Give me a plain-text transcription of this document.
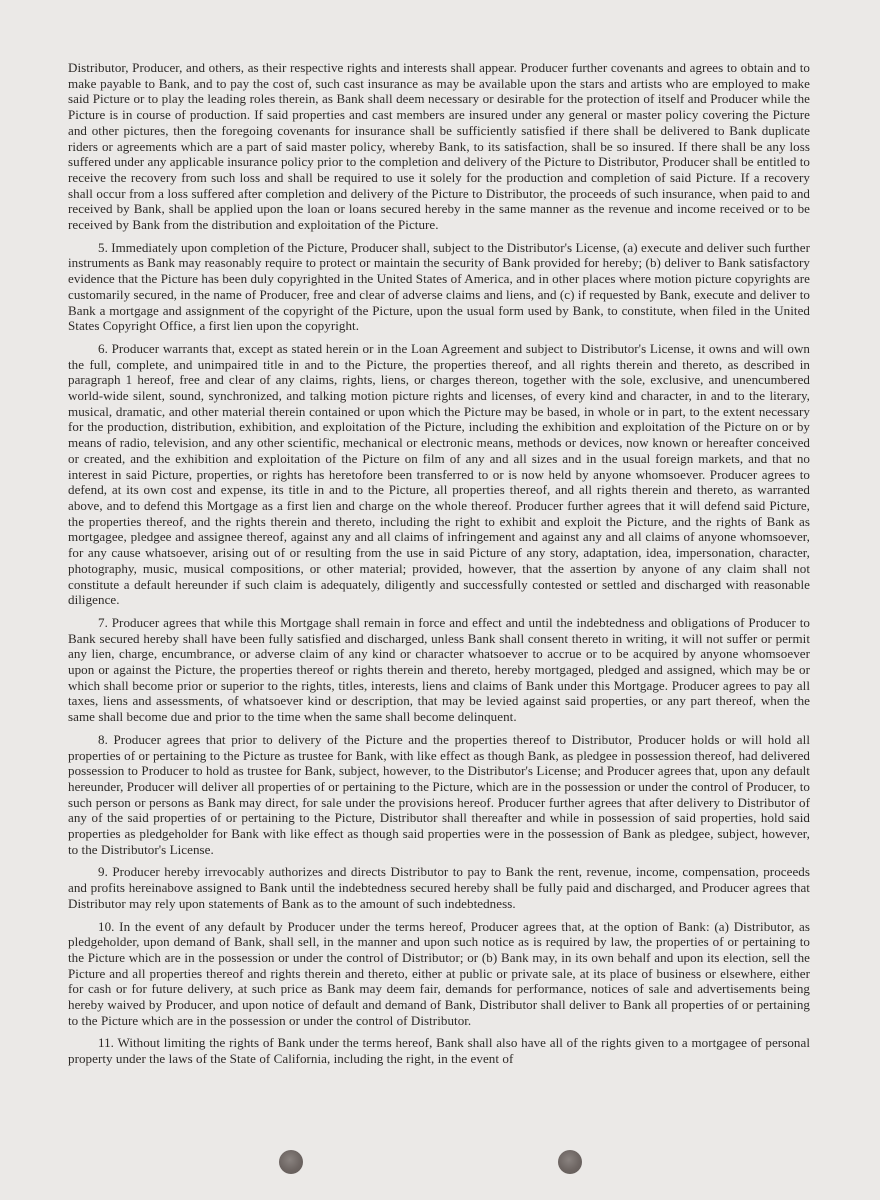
Distributor, Producer, and others, as their respective rights and interests shall appear. Producer further covenants and agrees to obtain and to make payable to Bank, and to pay the cost of, such cast insurance as may be available upon the stars and artists who are employed to make said Picture or to play the leading roles therein, as Bank shall deem necessary or desirable for the protection of itself and Producer while the Picture is in course of production. If said properties and cast members are insured under any general or master policy covering the Picture and other pictures, then the foregoing covenants for insurance shall be sufficiently satisfied if there shall be delivered to Bank duplicate riders or agreements which are a part of said master policy, whereby Bank, to its satisfaction, shall be so insured. If there shall be any loss suffered under any applicable insurance policy prior to the completion and delivery of the Picture to Distributor, Producer shall be entitled to receive the recovery from such loss and shall be required to use it solely for the production and completion of said Picture. If a recovery shall occur from a loss suffered after completion and delivery of the Picture to Distributor, the proceeds of such insurance, when paid to and received by Bank, shall be applied upon the loan or loans secured hereby in the same manner as the revenue and income received or to be received by Bank from the distribution and exploitation of the Picture.

5. Immediately upon completion of the Picture, Producer shall, subject to the Distributor's License, (a) execute and deliver such further instruments as Bank may reasonably require to protect or maintain the security of Bank provided for hereby; (b) deliver to Bank satisfactory evidence that the Picture has been duly copyrighted in the United States of America, and in other places where motion picture copyrights are customarily secured, in the name of Producer, free and clear of adverse claims and liens, and (c) if requested by Bank, execute and deliver to Bank a mortgage and assignment of the copyright of the Picture, upon the usual form used by Bank, to constitute, when filed in the United States Copyright Office, a first lien upon the copyright.

6. Producer warrants that, except as stated herein or in the Loan Agreement and subject to Distributor's License, it owns and will own the full, complete, and unimpaired title in and to the Picture, the properties thereof, and all rights therein and thereto, as described in paragraph 1 hereof, free and clear of any claims, rights, liens, or charges thereon, together with the sole, exclusive, and unencumbered world-wide silent, sound, synchronized, and talking motion picture rights and licenses, of every kind and character, in and to the literary, musical, dramatic, and other material therein contained or upon which the Picture may be based, in whole or in part, to the extent necessary for the production, distribution, exhibition, and exploitation of the Picture, including the exhibition and exploitation of the Picture on or by means of radio, television, and any other scientific, mechanical or electronic means, methods or devices, now known or hereafter conceived or created, and the exhibition and exploitation of the Picture on film of any and all sizes and in the usual foreign markets, and that no interest in said Picture, properties, or rights has heretofore been transferred to or is now held by anyone whomsoever. Producer agrees to defend, at its own cost and expense, its title in and to the Picture, all properties thereof, and all rights therein and thereto, as warranted above, and to defend this Mortgage as a first lien and charge on the whole thereof. Producer further agrees that it will defend said Picture, the properties thereof, and the rights therein and thereto, including the right to exhibit and exploit the Picture, and the rights of Bank as mortgagee, pledgee and assignee thereof, against any and all claims of infringement and against any and all claims of anyone whomsoever, for any cause whatsoever, arising out of or resulting from the use in said Picture of any story, adaptation, idea, impersonation, character, photography, music, musical compositions, or other material; provided, however, that the assertion by anyone of any claim shall not constitute a default hereunder if such claim is adequately, diligently and successfully contested or settled and discharged with reasonable diligence.

7. Producer agrees that while this Mortgage shall remain in force and effect and until the indebtedness and obligations of Producer to Bank secured hereby shall have been fully satisfied and discharged, unless Bank shall consent thereto in writing, it will not suffer or permit any lien, charge, encumbrance, or adverse claim of any kind or character whatsoever to accrue or to be acquired by anyone whomsoever upon or against the Picture, the properties thereof or rights therein and thereto, hereby mortgaged, pledged and assigned, which may be or which shall become prior or superior to the rights, titles, interests, liens and claims of Bank under this Mortgage. Producer agrees to pay all taxes, liens and assessments, of whatsoever kind or description, that may be levied against said properties, or any part thereof, when the same shall become due and prior to the time when the same shall become delinquent.

8. Producer agrees that prior to delivery of the Picture and the properties thereof to Distributor, Producer holds or will hold all properties of or pertaining to the Picture as trustee for Bank, with like effect as though Bank, as pledgee in possession thereof, had delivered possession to Producer to hold as trustee for Bank, subject, however, to the Distributor's License; and Producer agrees that, upon any default hereunder, Producer will deliver all properties of or pertaining to the Picture, which are in the possession or under the control of Producer, to such person or persons as Bank may direct, for sale under the provisions hereof. Producer further agrees that after delivery to Distributor of any of the said properties of or pertaining to the Picture, Distributor shall thereafter and while in possession of said properties, hold said properties as pledgeholder for Bank with like effect as though said properties were in the possession of Bank as pledgee, subject, however, to the Distributor's License.

9. Producer hereby irrevocably authorizes and directs Distributor to pay to Bank the rent, revenue, income, compensation, proceeds and profits hereinabove assigned to Bank until the indebtedness secured hereby shall be fully paid and discharged, and Producer agrees that Distributor may rely upon statements of Bank as to the amount of such indebtedness.

10. In the event of any default by Producer under the terms hereof, Producer agrees that, at the option of Bank: (a) Distributor, as pledgeholder, upon demand of Bank, shall sell, in the manner and upon such notice as is required by law, the properties of or pertaining to the Picture which are in the possession or under the control of Distributor; or (b) Bank may, in its own behalf and upon its election, sell the Picture and all properties thereof and rights therein and thereto, either at public or private sale, at its place of business or elsewhere, either for cash or for future delivery, at such price as Bank may deem fair, demands for performance, notices of sale and advertisements being hereby waived by Producer, and upon notice of default and demand of Bank, Distributor shall deliver to Bank all properties of or pertaining to the Picture which are in the possession or under the control of Distributor.

11. Without limiting the rights of Bank under the terms hereof, Bank shall also have all of the rights given to a mortgagee of personal property under the laws of the State of California, including the right, in the event of
